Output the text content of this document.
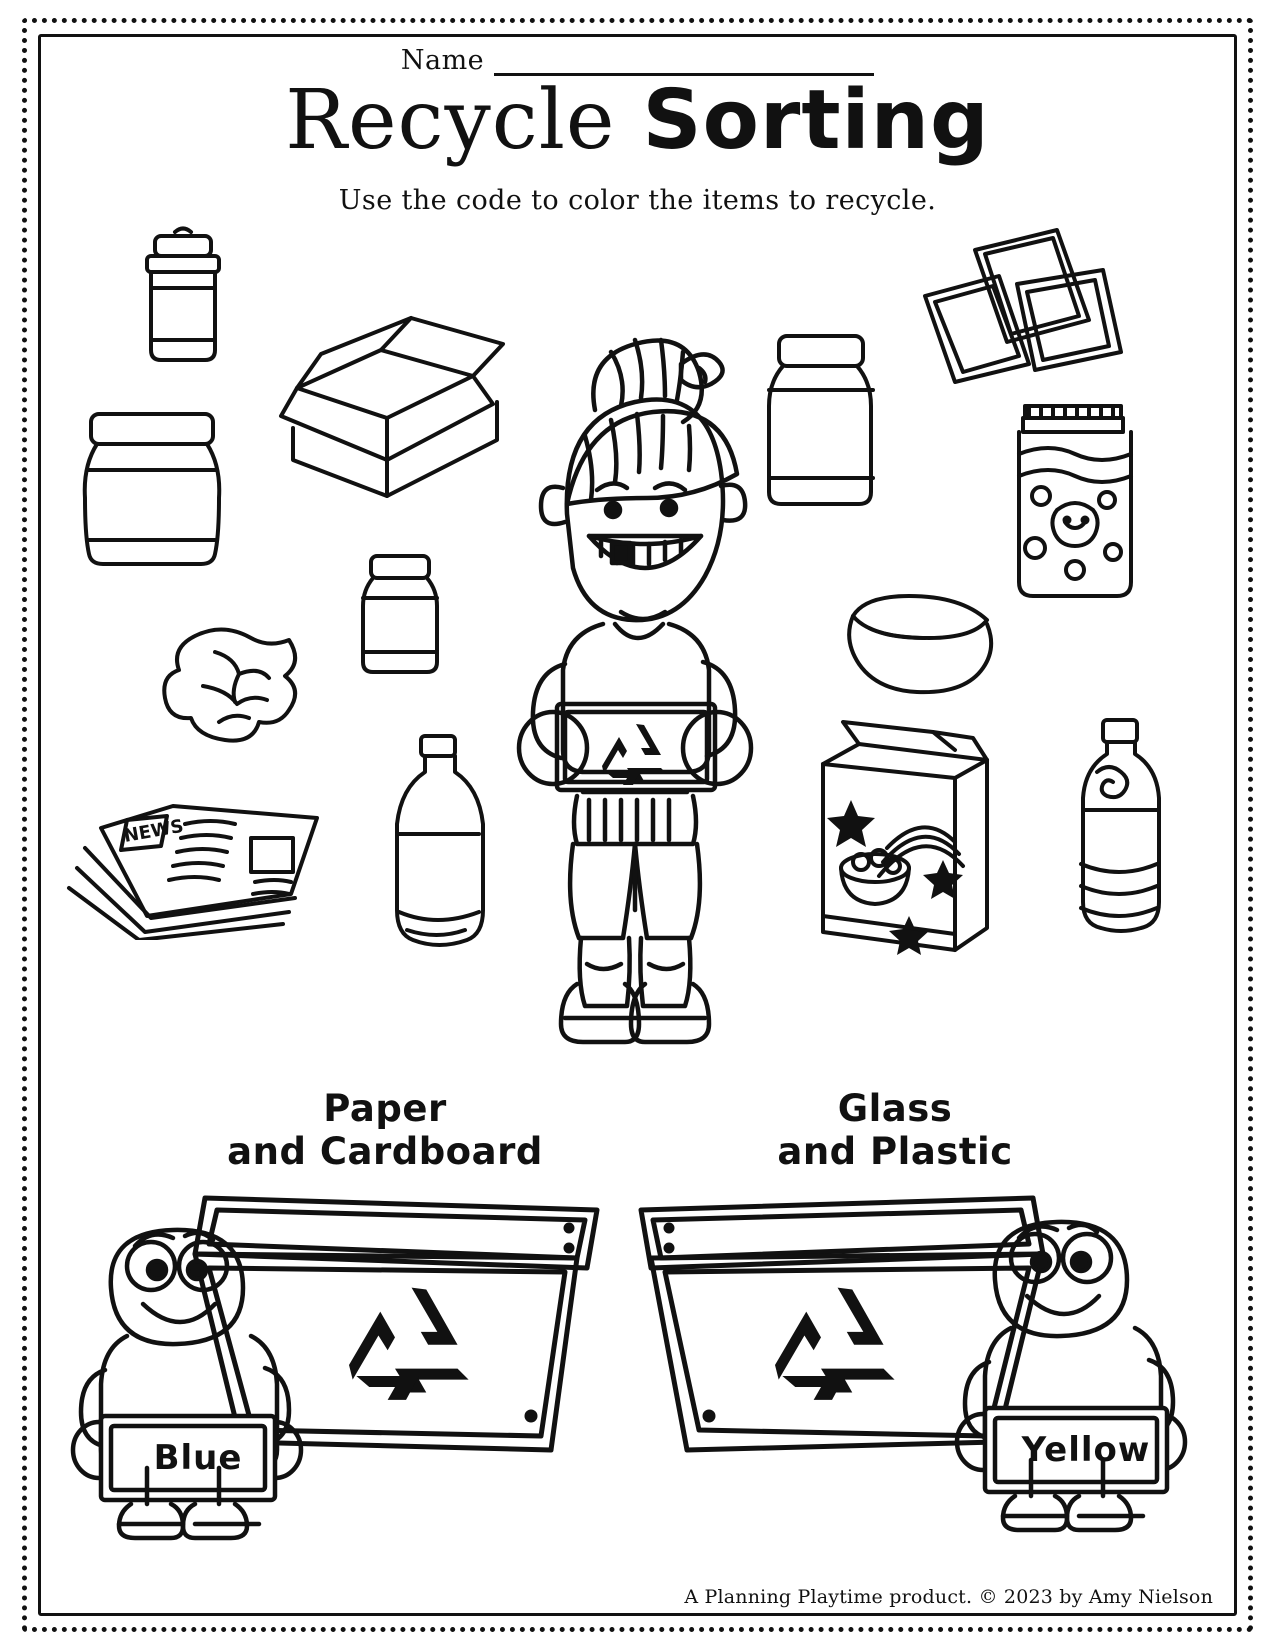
Name
Recycle Sorting
Use the code to color the items to recycle.
NEWS
Paper
and Cardboard
Glass
and Plastic
Blue	Yellow
A Planning Playtime product. © 2023 by Amy Nielson
